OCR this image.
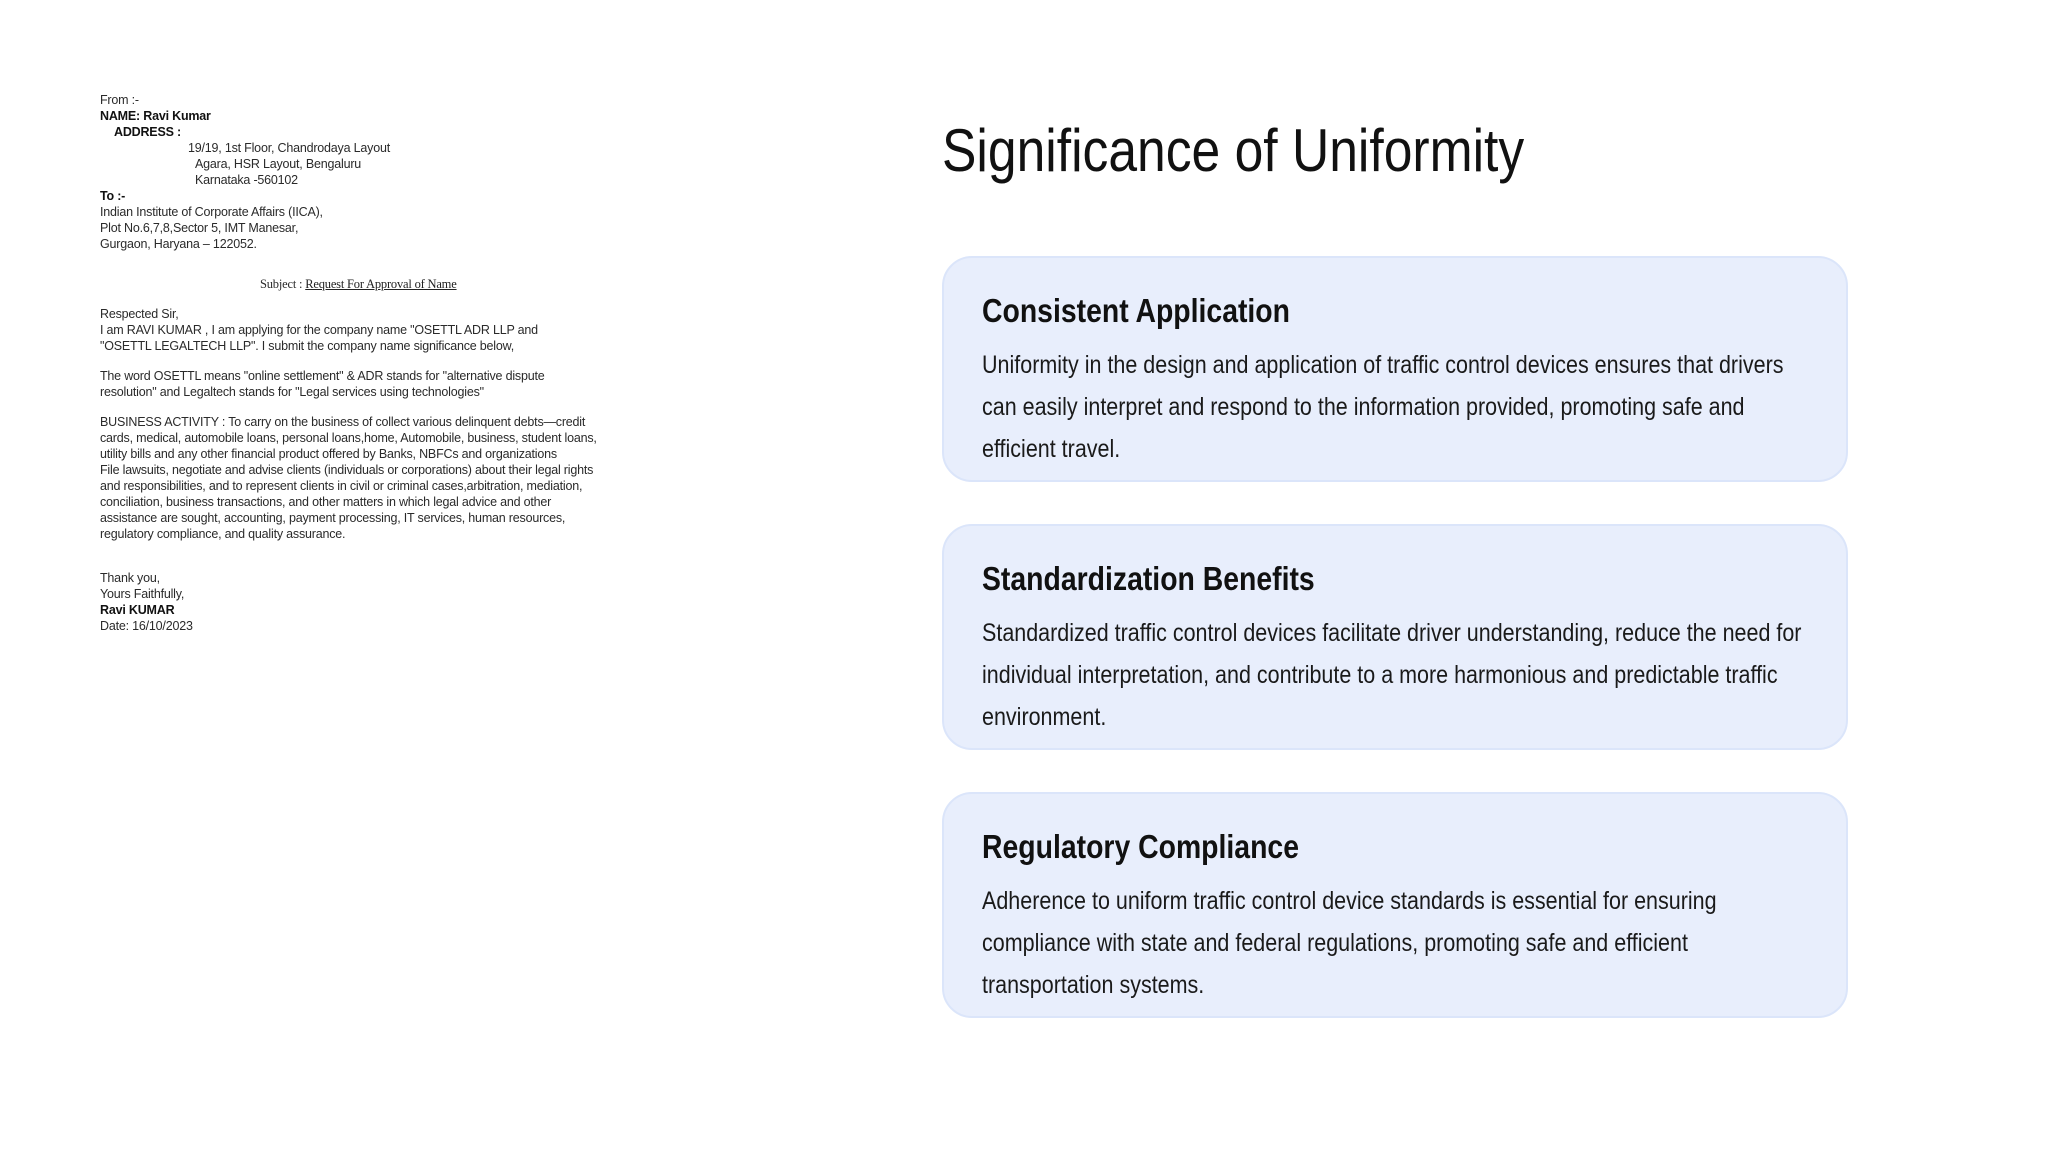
From :-
NAME: Ravi Kumar
ADDRESS :
19/19, 1st Floor, Chandrodaya Layout
Agara, HSR Layout, Bengaluru
Karnataka -560102
To :-
Indian Institute of Corporate Affairs (IICA),
Plot No.6,7,8,Sector 5, IMT Manesar,
Gurgaon, Haryana – 122052.
Subject : Request For Approval of Name
Respected Sir,
I am RAVI KUMAR , I am applying for the company name "OSETTL ADR LLP and
"OSETTL LEGALTECH LLP". I submit the company name significance below,
The word OSETTL means "online settlement" & ADR stands for "alternative dispute
resolution" and Legaltech stands for "Legal services using technologies"
BUSINESS ACTIVITY : To carry on the business of collect various delinquent debts—credit
cards, medical, automobile loans, personal loans,home, Automobile, business, student loans,
utility bills and any other financial product offered by Banks, NBFCs and organizations
File lawsuits, negotiate and advise clients (individuals or corporations) about their legal rights
and responsibilities, and to represent clients in civil or criminal cases,arbitration, mediation,
conciliation, business transactions, and other matters in which legal advice and other
assistance are sought, accounting, payment processing, IT services, human resources,
regulatory compliance, and quality assurance.
Thank you,
Yours Faithfully,
Ravi KUMAR
Date: 16/10/2023
Significance of Uniformity
Consistent Application

Uniformity in the design and application of traffic control devices ensures that drivers can easily interpret and respond to the information provided, promoting safe and efficient travel.

Standardization Benefits

Standardized traffic control devices facilitate driver understanding, reduce the need for individual interpretation, and contribute to a more harmonious and predictable traffic environment.

Regulatory Compliance

Adherence to uniform traffic control device standards is essential for ensuring compliance with state and federal regulations, promoting safe and efficient transportation systems.
